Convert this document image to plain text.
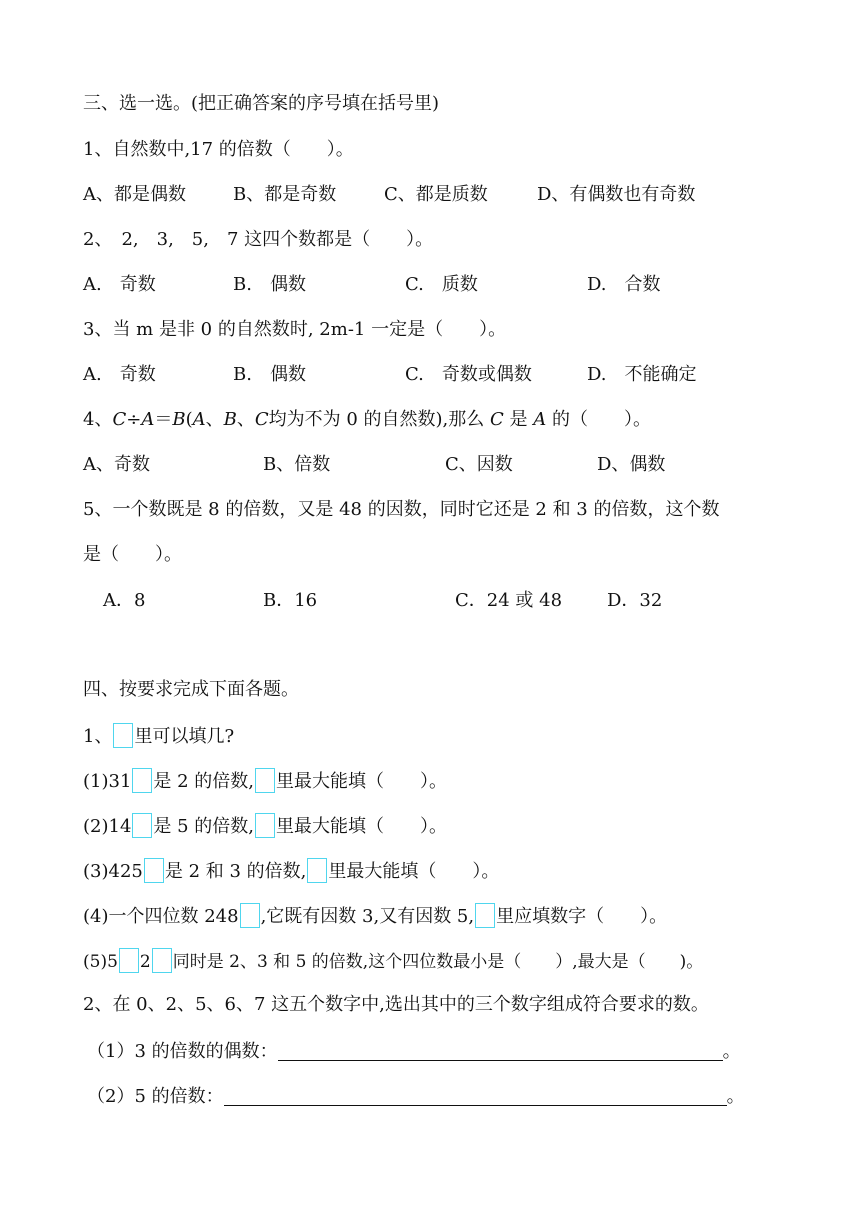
三、选一选。(把正确答案的序号填在括号里)
1、自然数中,17 的倍数（　　）。
A、都是偶数	B、都是奇数	C、都是质数	D、有偶数也有奇数
2、　2,　3,　5,　7 这四个数都是（　　）。
A.　奇数	B.　偶数	C.　质数	D.　合数
3、当 m 是非 0 的自然数时, 2m-1 一定是（　　）。
A.　奇数	B.　偶数	C.　奇数或偶数	D.　不能确定
4、C÷A＝B(A、B、C均为不为 0 的自然数),那么 C 是 A 的（　　）。
A、奇数	B、倍数	C、因数	D、偶数
5、一个数既是 8 的倍数，又是 48 的因数，同时它还是 2 和 3 的倍数，这个数
是（　　）。
A．8	B．16	C．24 或 48 D．32
四、按要求完成下面各题。
1、 里可以填几?
(1)31 是 2 的倍数, 里最大能填（　　）。
(2)14 是 5 的倍数, 里最大能填（　　）。
(3)425 是 2 和 3 的倍数, 里最大能填（　　）。
(4)一个四位数 248 ,它既有因数 3,又有因数 5, 里应填数字（　　）。
(5)5 2 同时是 2、3 和 5 的倍数,这个四位数最小是（　　）,最大是（　　)。
2、在 0、2、5、6、7 这五个数字中,选出其中的三个数字组成符合要求的数。
（1）3 的倍数的偶数：	。
（2）5 的倍数：	。
